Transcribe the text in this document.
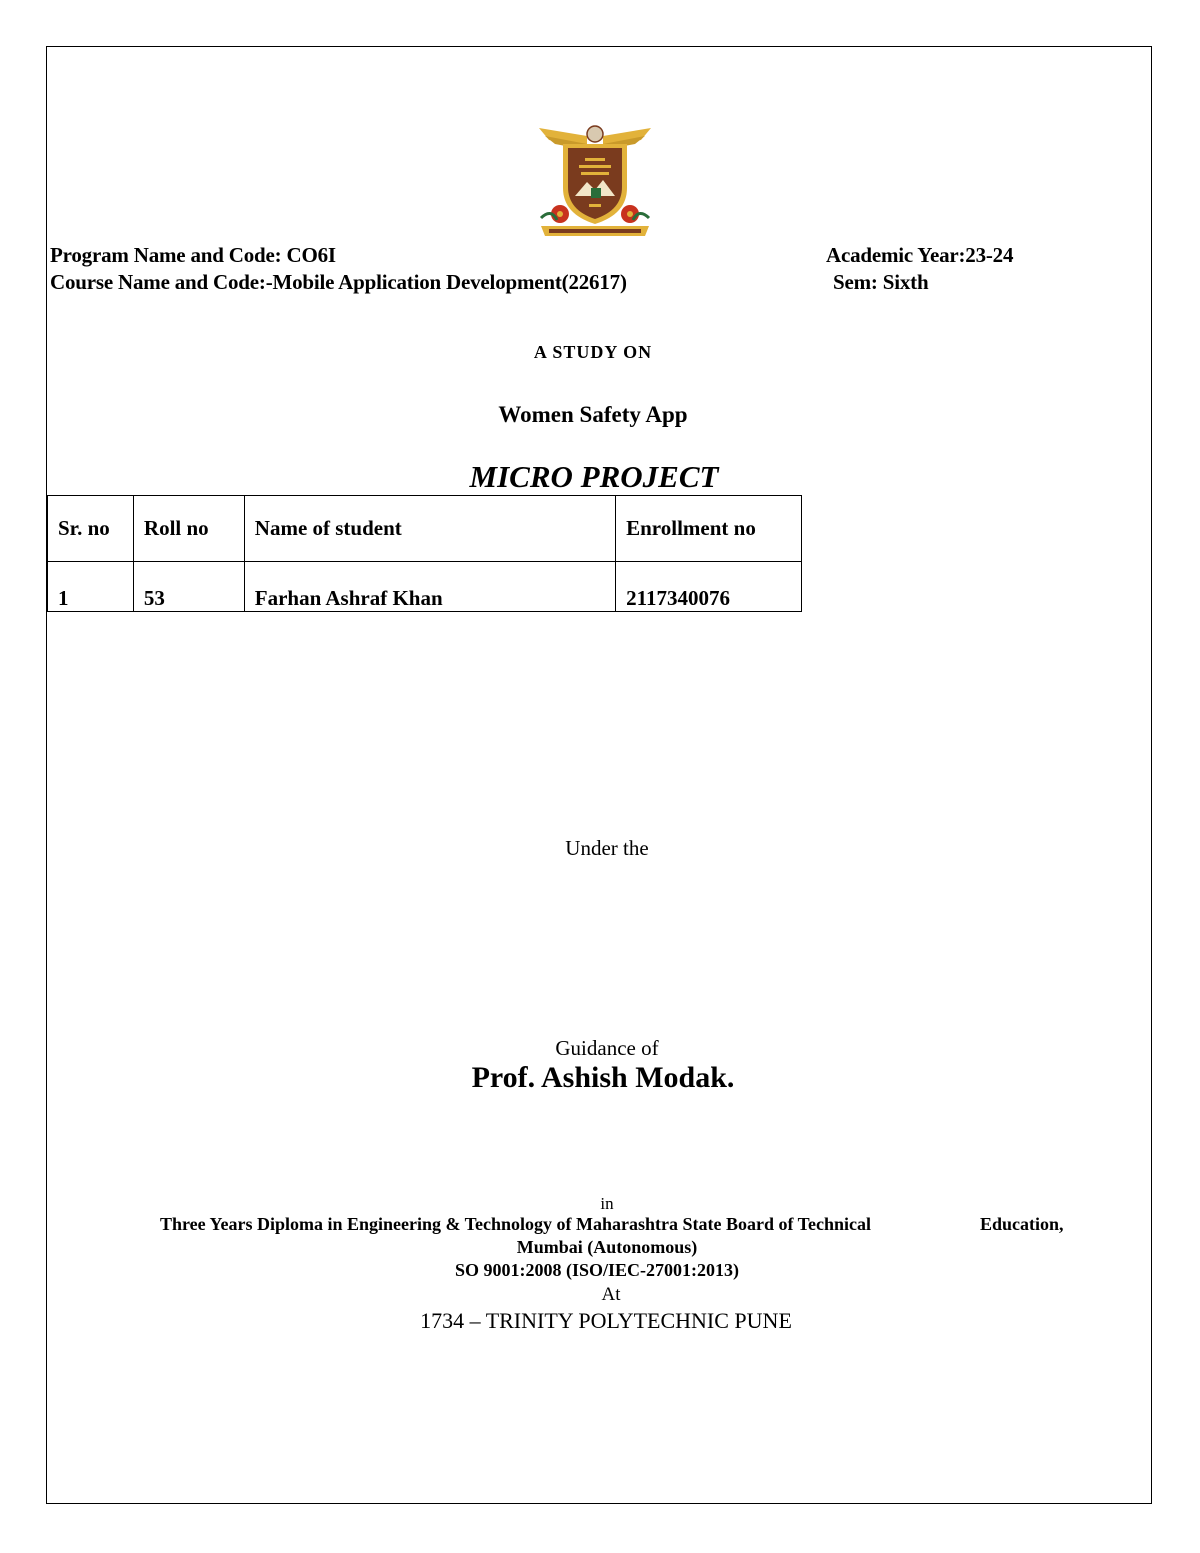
Program Name and Code: CO6I
Course Name and Code:-Mobile Application Development(22617)
Academic Year:23-24
Sem: Sixth
A STUDY ON
Women Safety App
MICRO PROJECT
Sr. no	Roll no	Name of student	Enrollment no
1	53	Farhan Ashraf Khan	2117340076
Under the
Guidance of
Prof. Ashish Modak.
in
Three Years Diploma in Engineering & Technology of Maharashtra State Board of Technical	Education,
Mumbai (Autonomous)
SO 9001:2008 (ISO/IEC-27001:2013)
At
1734 – TRINITY POLYTECHNIC PUNE
